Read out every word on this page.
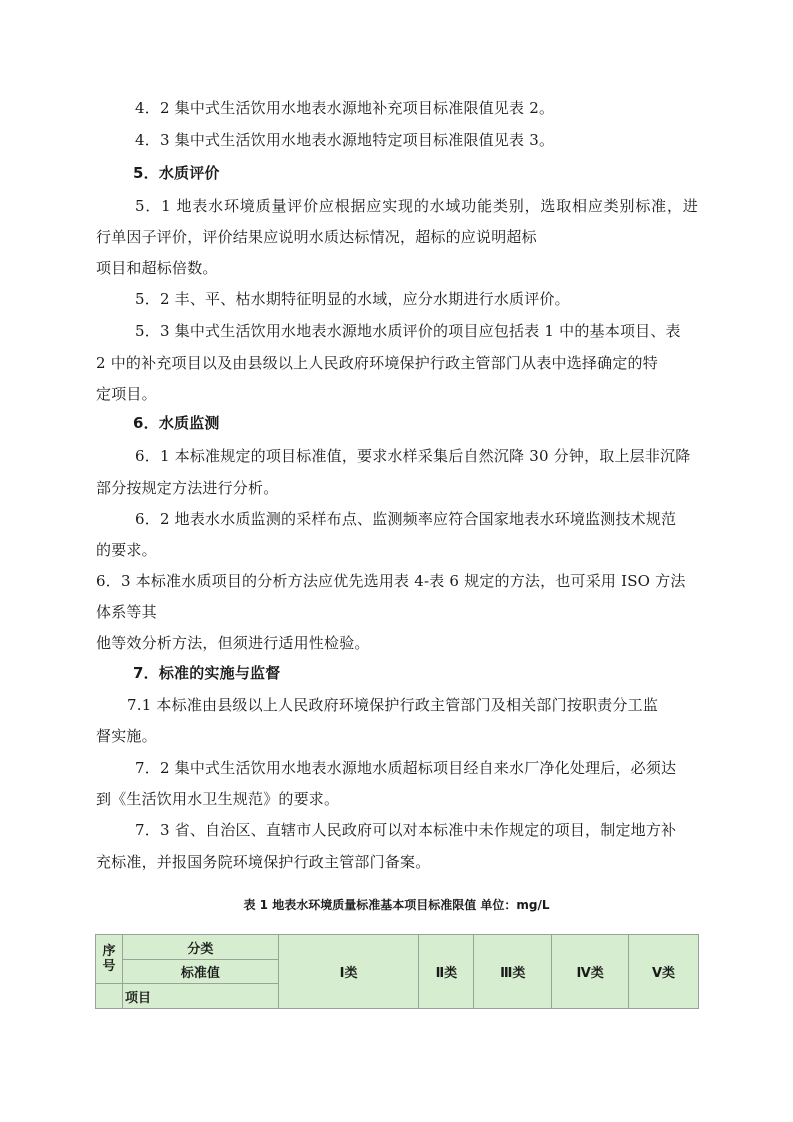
4．2 集中式生活饮用水地表水源地补充项目标准限值见表 2。
4．3 集中式生活饮用水地表水源地特定项目标准限值见表 3。
5．水质评价
5．1 地表水环境质量评价应根据应实现的水域功能类别，选取相应类别标准，进
行单因子评价，评价结果应说明水质达标情况，超标的应说明超标
项目和超标倍数。
5．2 丰、平、枯水期特征明显的水域，应分水期进行水质评价。
5．3 集中式生活饮用水地表水源地水质评价的项目应包括表 1 中的基本项目、表
2 中的补充项目以及由县级以上人民政府环境保护行政主管部门从表中选择确定的特
定项目。
6．水质监测
6．1 本标准规定的项目标准值，要求水样采集后自然沉降 30 分钟，取上层非沉降
部分按规定方法进行分析。
6．2 地表水水质监测的采样布点、监测频率应符合国家地表水环境监测技术规范
的要求。
6．3 本标准水质项目的分析方法应优先选用表 4-表 6 规定的方法，也可采用 ISO 方法
体系等其
他等效分析方法，但须进行适用性检验。
7．标准的实施与监督
7.1 本标准由县级以上人民政府环境保护行政主管部门及相关部门按职责分工监
督实施。
7．2 集中式生活饮用水地表水源地水质超标项目经自来水厂净化处理后，必须达
到《生活饮用水卫生规范》的要求。
7．3 省、自治区、直辖市人民政府可以对本标准中未作规定的项目，制定地方补
充标准，并报国务院环境保护行政主管部门备案。
表 1 地表水环境质量标准基本项目标准限值 单位：mg/L
序号	分类	Ⅰ类	Ⅱ类	Ⅲ类	Ⅳ类	Ⅴ类
	标准值					
	项目					
